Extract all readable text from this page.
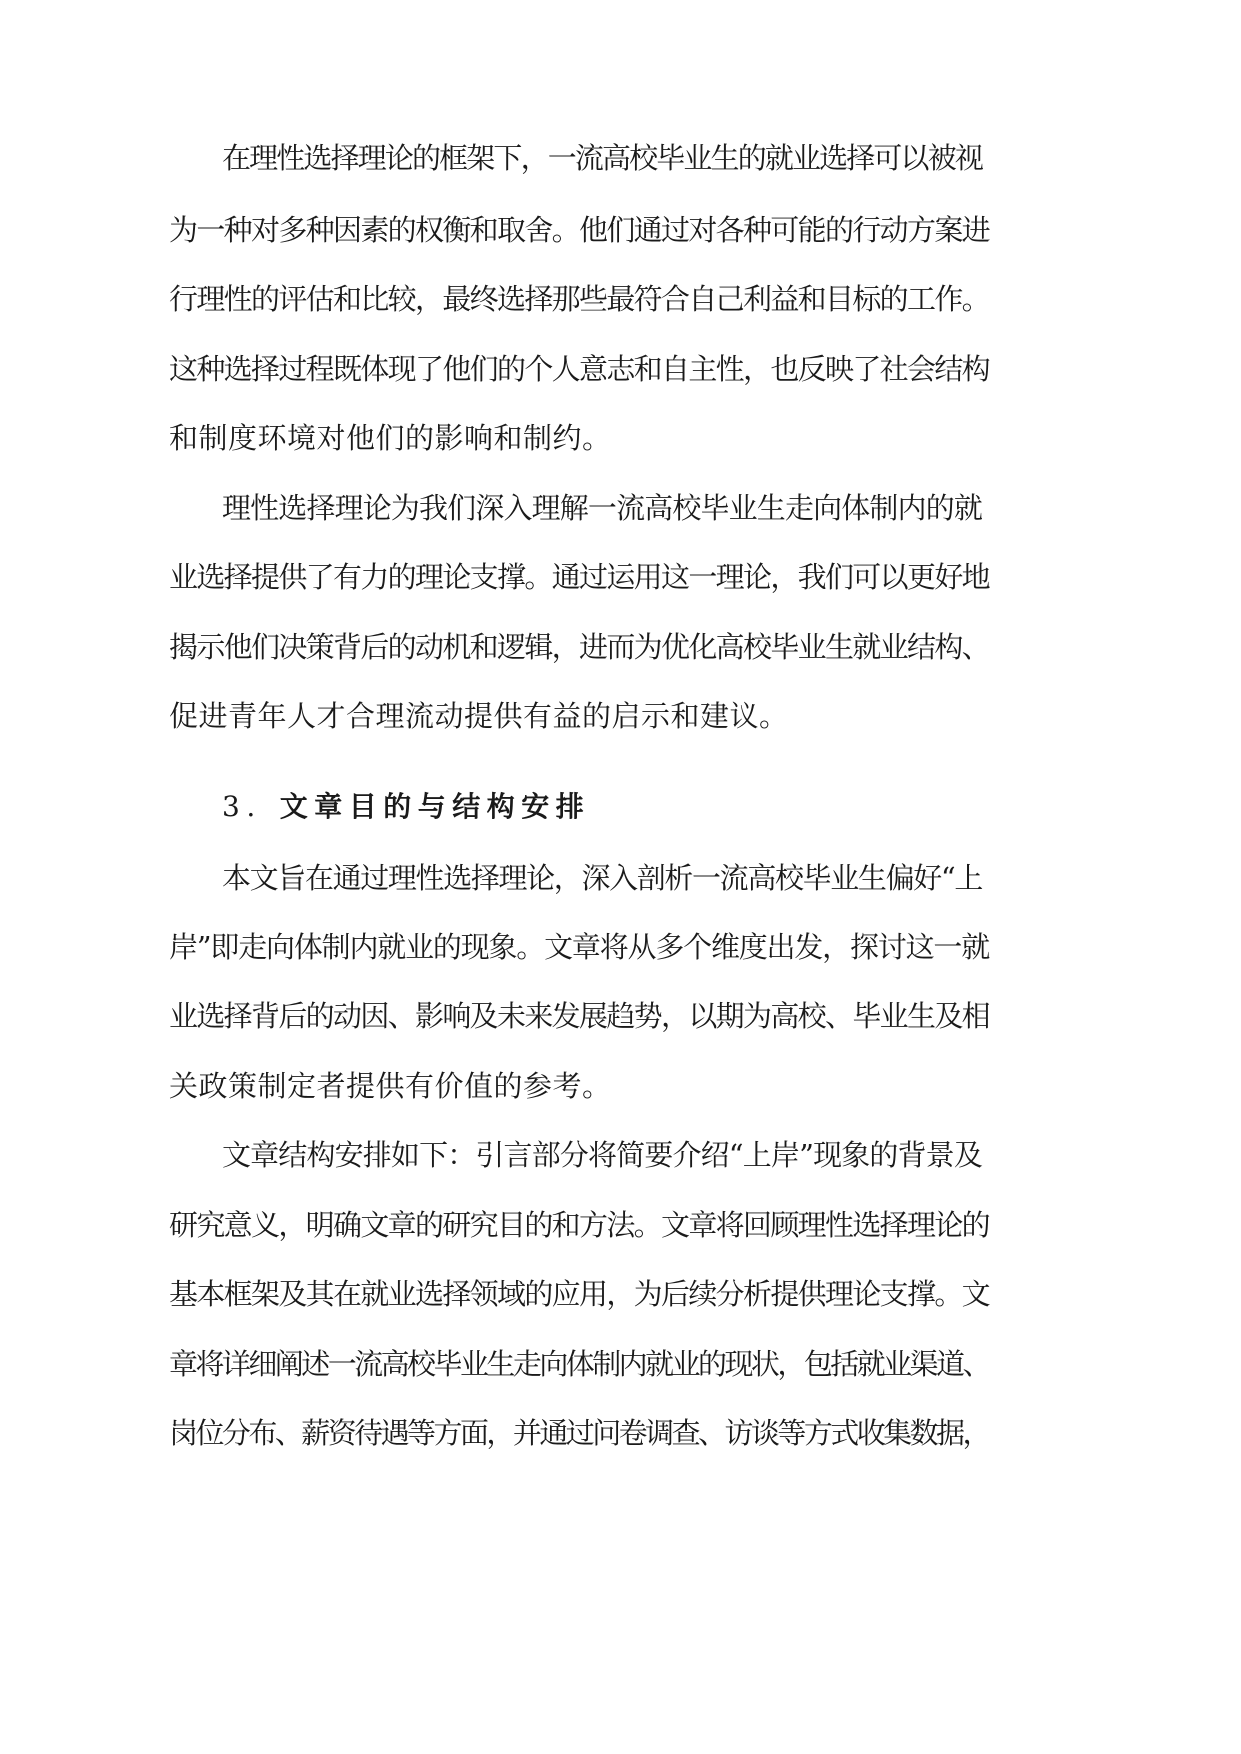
在理性选择理论的框架下，一流高校毕业生的就业选择可以被视
为一种对多种因素的权衡和取舍。他们通过对各种可能的行动方案进
行理性的评估和比较，最终选择那些最符合自己利益和目标的工作。
这种选择过程既体现了他们的个人意志和自主性，也反映了社会结构
和制度环境对他们的影响和制约。
理性选择理论为我们深入理解一流高校毕业生走向体制内的就
业选择提供了有力的理论支撑。通过运用这一理论，我们可以更好地
揭示他们决策背后的动机和逻辑，进而为优化高校毕业生就业结构、
促进青年人才合理流动提供有益的启示和建议。
3. 文章目的与结构安排
本文旨在通过理性选择理论，深入剖析一流高校毕业生偏好“上
岸”即走向体制内就业的现象。文章将从多个维度出发，探讨这一就
业选择背后的动因、影响及未来发展趋势，以期为高校、毕业生及相
关政策制定者提供有价值的参考。
文章结构安排如下：引言部分将简要介绍“上岸”现象的背景及
研究意义，明确文章的研究目的和方法。文章将回顾理性选择理论的
基本框架及其在就业选择领域的应用，为后续分析提供理论支撑。文
章将详细阐述一流高校毕业生走向体制内就业的现状，包括就业渠道、
岗位分布、薪资待遇等方面，并通过问卷调查、访谈等方式收集数据，
